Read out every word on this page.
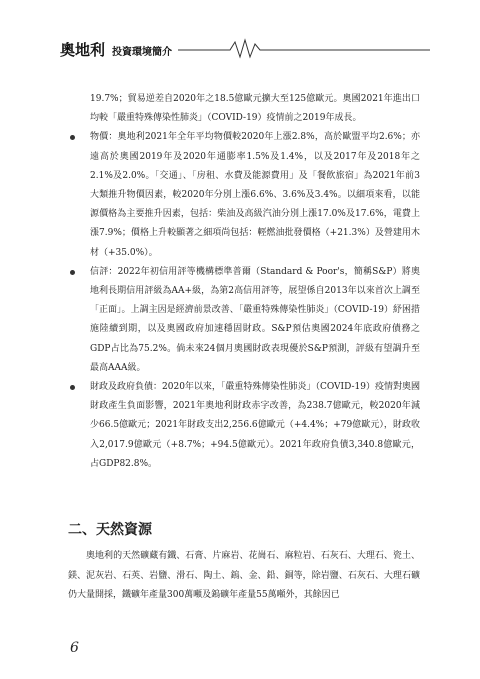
奧地利 投資環境簡介

19.7%；貿易逆差自2020年之18.5億歐元擴大至125億歐元。奧國2021年進出口均較「嚴重特殊傳染性肺炎」（COVID-19）疫情前之2019年成長。

物價：奧地利2021年全年平均物價較2020年上漲2.8%，高於歐盟平均2.6%；亦遠高於奧國2019年及2020年通膨率1.5%及1.4%，以及2017年及2018年之2.1%及2.0%。「交通」、「房租、水費及能源費用」及「餐飲旅宿」為2021年前3大類推升物價因素，較2020年分別上漲6.6%、3.6%及3.4%。以細項來看，以能源價格為主要推升因素，包括：柴油及高級汽油分別上漲17.0%及17.6%，電費上漲7.9%；價格上升較顯著之細項尚包括：輕燃油批發價格（+21.3%）及營建用木材（+35.0%）。

信評：2022年初信用評等機構標準普爾（Standard & Poor's，簡稱S&P）將奧地利長期信用評級為AA+級，為第2高信用評等，展望係自2013年以來首次上調至「正面」。上調主因是經濟前景改善、「嚴重特殊傳染性肺炎」（COVID-19）紓困措施陸續到期，以及奧國政府加速穩固財政。S&P預估奧國2024年底政府債務之GDP占比為75.2%。倘未來24個月奧國財政表現優於S&P預測，評級有望調升至最高AAA級。

財政及政府負債：2020年以來，「嚴重特殊傳染性肺炎」（COVID-19）疫情對奧國財政產生負面影響，2021年奧地利財政赤字改善，為238.7億歐元，較2020年減少66.5億歐元；2021年財政支出2,256.6億歐元（+4.4%；+79億歐元），財政收入2,017.9億歐元（+8.7%；+94.5億歐元）。2021年政府負債3,340.8億歐元，占GDP82.8%。

二、天然資源

奧地利的天然礦藏有鐵、石膏、片麻岩、花崗石、麻粒岩、石灰石、大理石、瓷土、鎂、泥灰岩、石英、岩鹽、滑石、陶土、鎢、金、鉛、銅等，除岩鹽、石灰石、大理石礦仍大量開採，鐵礦年產量300萬噸及鎢礦年產量55萬噸外，其餘因已

6
